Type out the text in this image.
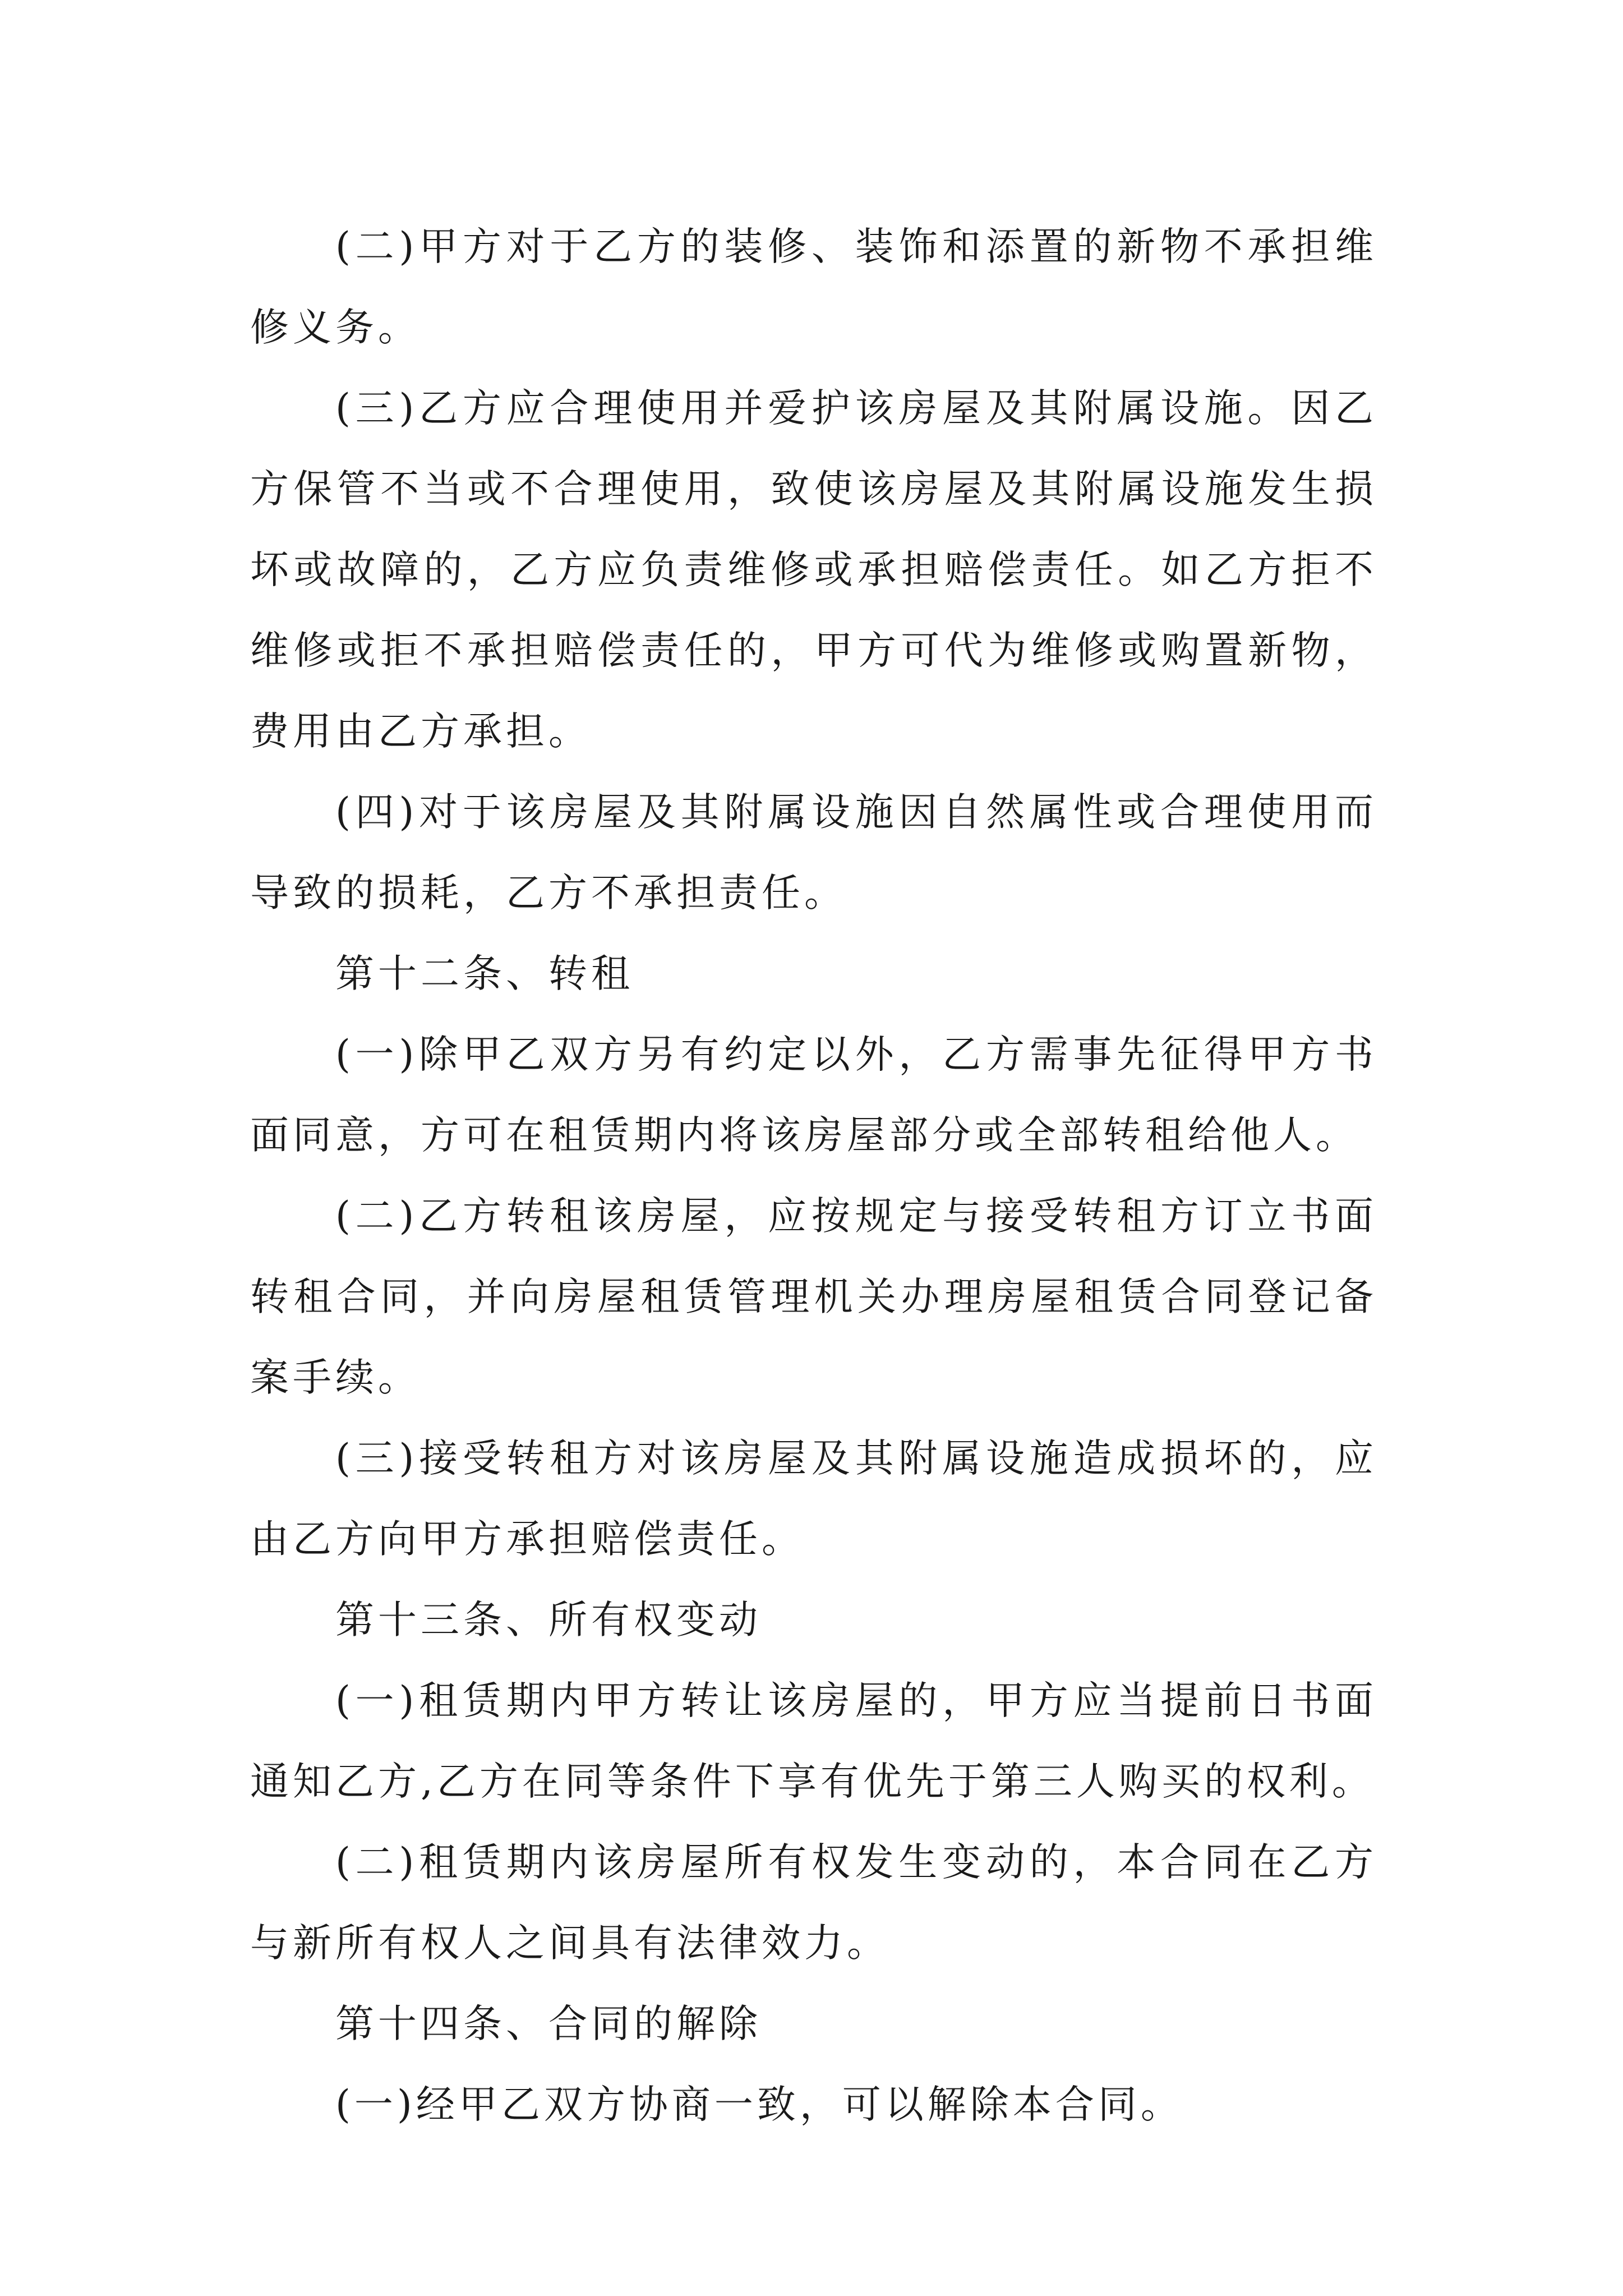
(二)甲方对于乙方的装修、装饰和添置的新物不承担维修义务。

(三)乙方应合理使用并爱护该房屋及其附属设施。因乙方保管不当或不合理使用，致使该房屋及其附属设施发生损坏或故障的，乙方应负责维修或承担赔偿责任。如乙方拒不维修或拒不承担赔偿责任的，甲方可代为维修或购置新物，费用由乙方承担。

(四)对于该房屋及其附属设施因自然属性或合理使用而导致的损耗，乙方不承担责任。

第十二条、转租

(一)除甲乙双方另有约定以外，乙方需事先征得甲方书面同意，方可在租赁期内将该房屋部分或全部转租给他人。

(二)乙方转租该房屋，应按规定与接受转租方订立书面转租合同，并向房屋租赁管理机关办理房屋租赁合同登记备案手续。

(三)接受转租方对该房屋及其附属设施造成损坏的，应由乙方向甲方承担赔偿责任。

第十三条、所有权变动

(一)租赁期内甲方转让该房屋的，甲方应当提前日书面通知乙方,乙方在同等条件下享有优先于第三人购买的权利。

(二)租赁期内该房屋所有权发生变动的，本合同在乙方与新所有权人之间具有法律效力。

第十四条、合同的解除

(一)经甲乙双方协商一致，可以解除本合同。
